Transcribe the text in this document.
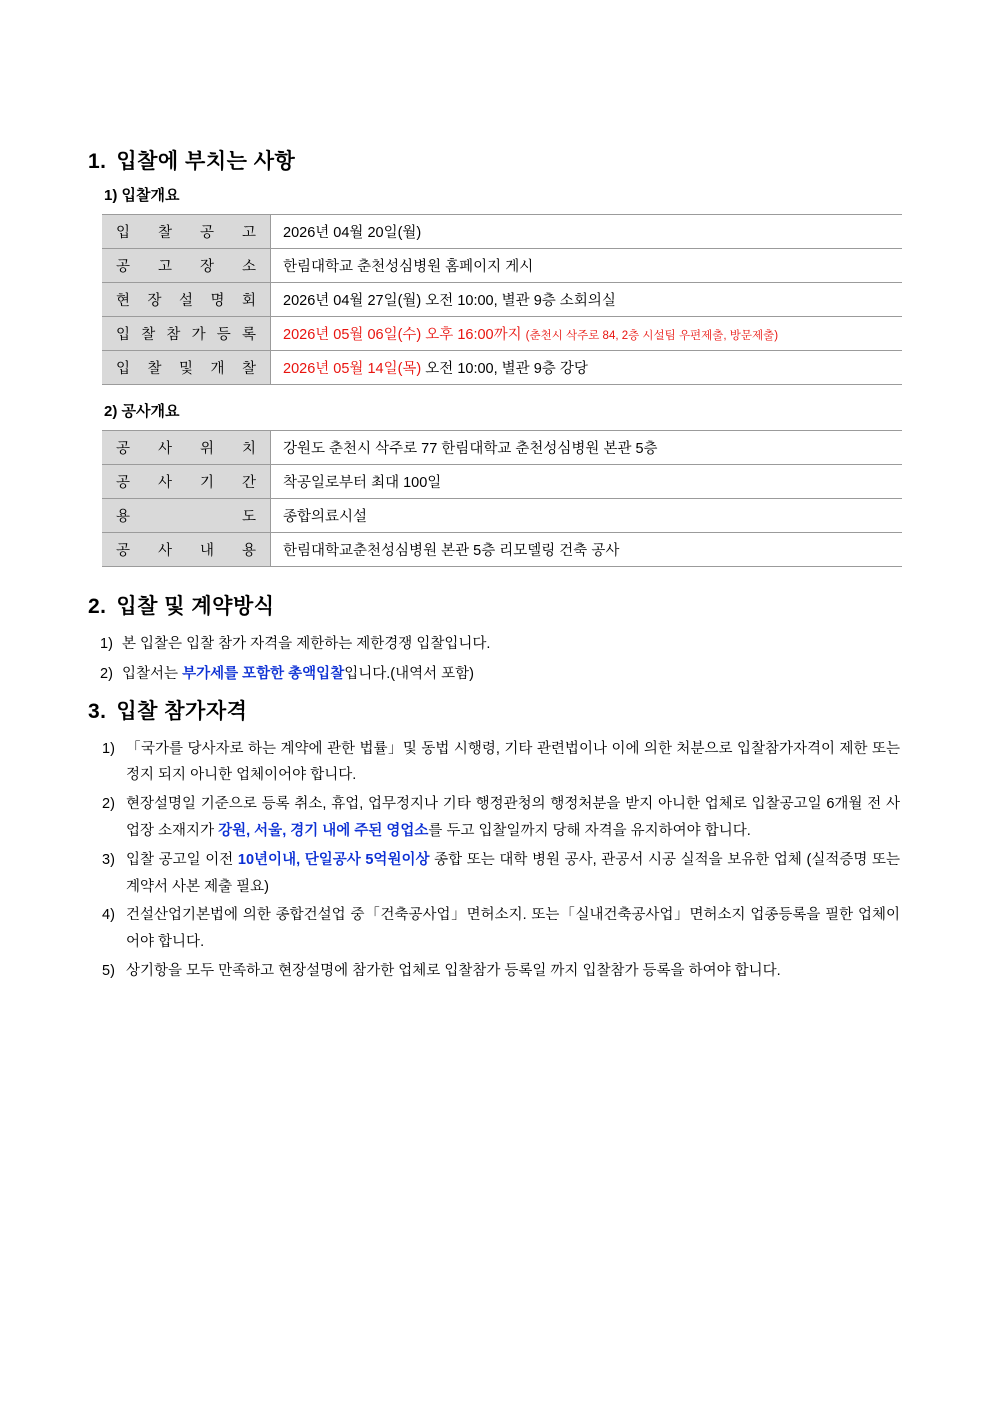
1. 입찰에 부치는 사항
1) 입찰개요
입 찰 공 고	2026년 04월 20일(월)
공 고 장 소	한림대학교 춘천성심병원 홈페이지 게시
현 장 설 명 회	2026년 04월 27일(월) 오전 10:00, 별관 9층 소회의실
입 찰 참 가 등 록	2026년 05월 06일(수) 오후 16:00까지 (춘천시 삭주로 84, 2층 시설팀 우편제출, 방문제출)
입 찰 및 개 찰	2026년 05월 14일(목) 오전 10:00, 별관 9층 강당
2) 공사개요
공 사 위 치	강원도 춘천시 삭주로 77 한림대학교 춘천성심병원 본관 5층
공 사 기 간	착공일로부터 최대 100일
용 도	종합의료시설
공 사 내 용	한림대학교춘천성심병원 본관 5층 리모델링 건축 공사
2. 입찰 및 계약방식
1) 본 입찰은 입찰 참가 자격을 제한하는 제한경쟁 입찰입니다.
2) 입찰서는 부가세를 포함한 총액입찰입니다.(내역서 포함)
3. 입찰 참가자격
1) 「국가를 당사자로 하는 계약에 관한 법률」및 동법 시행령, 기타 관련법이나 이에 의한 처분으로 입찰참가자격이 제한 또는 정지 되지 아니한 업체이어야 합니다.
2) 현장설명일 기준으로 등록 취소, 휴업, 업무정지나 기타 행정관청의 행정처분을 받지 아니한 업체로 입찰공고일 6개월 전 사업장 소재지가 강원, 서울, 경기 내에 주된 영업소를 두고 입찰일까지 당해 자격을 유지하여야 합니다.
3) 입찰 공고일 이전 10년이내, 단일공사 5억원이상 종합 또는 대학 병원 공사, 관공서 시공 실적을 보유한 업체 (실적증명 또는 계약서 사본 제출 필요)
4) 건설산업기본법에 의한 종합건설업 중「건축공사업」면허소지. 또는「실내건축공사업」면허소지 업종등록을 필한 업체이어야 합니다.
5) 상기항을 모두 만족하고 현장설명에 참가한 업체로 입찰참가 등록일 까지 입찰참가 등록을 하여야 합니다.
